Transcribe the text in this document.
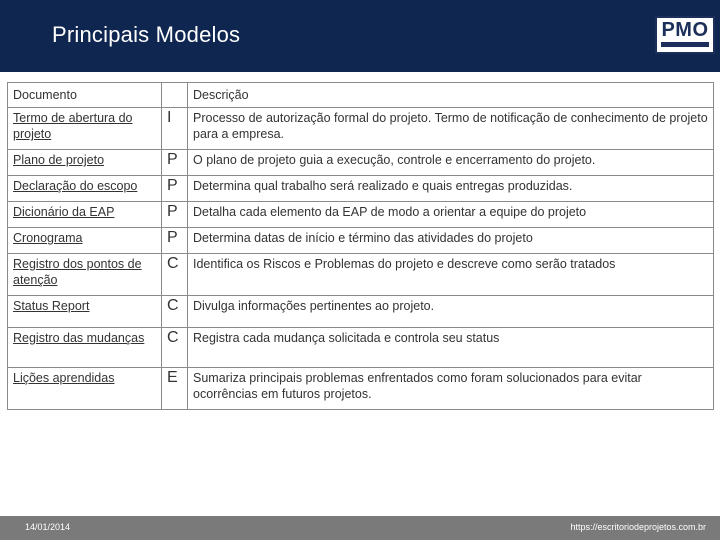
Principais Modelos	PMO
Documento		Descrição
Termo de abertura do projeto	I	Processo de autorização formal do projeto. Termo de notificação de conhecimento de projeto para a empresa.
Plano de projeto	P	O plano de projeto guia a execução, controle e encerramento do projeto.
Declaração do escopo	P	Determina qual trabalho será realizado e quais entregas produzidas.
Dicionário da EAP	P	Detalha cada elemento da EAP de modo a orientar a equipe do projeto
Cronograma	P	Determina datas de início e término das atividades do projeto
Registro dos pontos de atenção	C	Identifica os Riscos e Problemas do projeto e descreve como serão tratados
Status Report	C	Divulga informações pertinentes ao projeto.
Registro das mudanças	C	Registra cada mudança solicitada e controla seu status
Lições aprendidas	E	Sumariza principais problemas enfrentados como foram solucionados para evitar ocorrências em futuros projetos.
14/01/2014	https://escritoriodeprojetos.com.br
